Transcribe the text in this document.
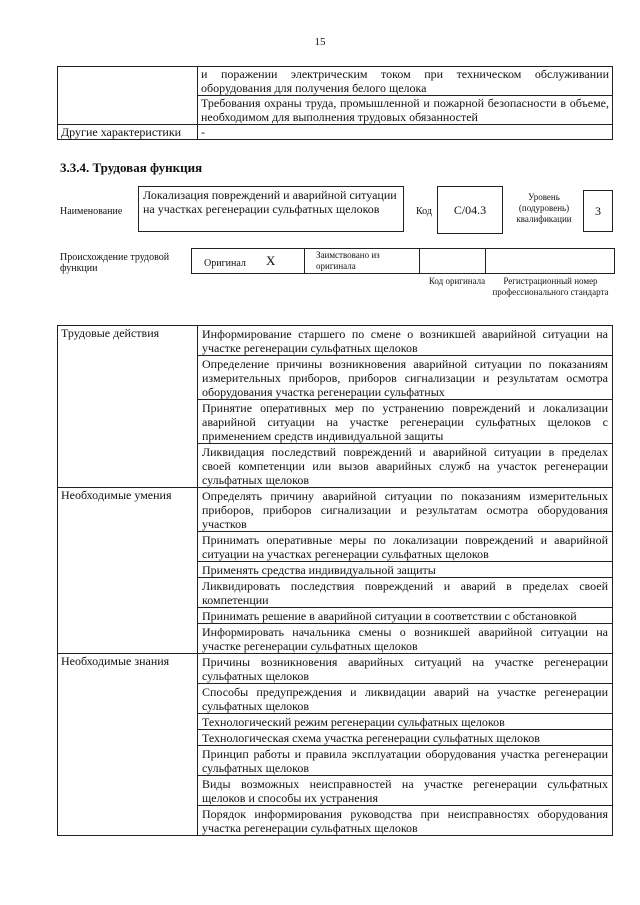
15
	и поражении электрическим током при техническом обслуживании оборудования для получения белого щелока
	Требования охраны труда, промышленной и пожарной безопасности в объеме, необходимом для выполнения трудовых обязанностей
Другие характеристики	-
3.3.4. Трудовая функция
Наименование
Локализация повреждений и аварийной ситуации на участках регенерации сульфатных щелоков	Код	С/04.3
Уровень (подуровень) квалификации
3
Происхождение трудовой функции	Оригинал X	Заимствовано из оригинала
Код оригинала	Регистрационный номер профессионального стандарта
Трудовые действия	Информирование старшего по смене о возникшей аварийной ситуации на участке регенерации сульфатных щелоков
	Определение причины возникновения аварийной ситуации по показаниям измерительных приборов, приборов сигнализации и результатам осмотра оборудования участка регенерации сульфатных
	Принятие оперативных мер по устранению повреждений и локализации аварийной ситуации на участке регенерации сульфатных щелоков с применением средств индивидуальной защиты
	Ликвидация последствий повреждений и аварийной ситуации в пределах своей компетенции или вызов аварийных служб на участок регенерации сульфатных щелоков
Необходимые умения	Определять причину аварийной ситуации по показаниям измерительных приборов, приборов сигнализации и результатам осмотра оборудования участков
	Принимать оперативные меры по локализации повреждений и аварийной ситуации на участках регенерации сульфатных щелоков
	Применять средства индивидуальной защиты
	Ликвидировать последствия повреждений и аварий в пределах своей компетенции
	Принимать решение в аварийной ситуации в соответствии с обстановкой
	Информировать начальника смены о возникшей аварийной ситуации на участке регенерации сульфатных щелоков
Необходимые знания	Причины возникновения аварийных ситуаций на участке регенерации сульфатных щелоков
	Способы предупреждения и ликвидации аварий на участке регенерации сульфатных щелоков
	Технологический режим регенерации сульфатных щелоков
	Технологическая схема участка регенерации сульфатных щелоков
	Принцип работы и правила эксплуатации оборудования участка регенерации сульфатных щелоков
	Виды возможных неисправностей на участке регенерации сульфатных щелоков и способы их устранения
	Порядок информирования руководства при неисправностях оборудования участка регенерации сульфатных щелоков
